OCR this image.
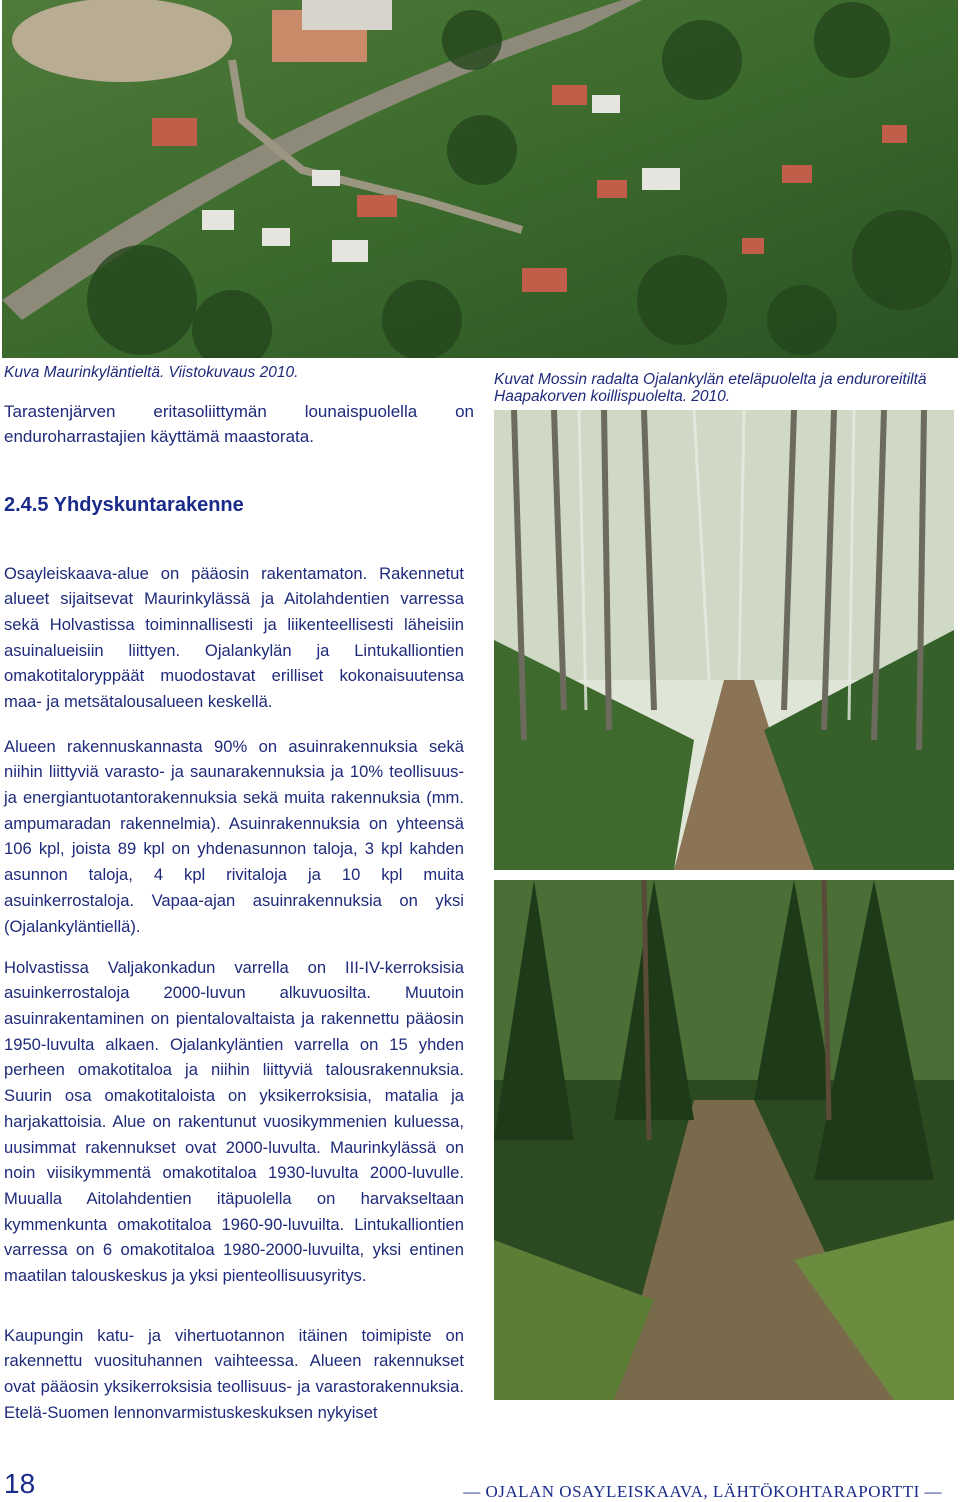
Kuva Maurinkyläntieltä. Viistokuvaus 2010.	Kuvat Mossin radalta Ojalankylän eteläpuolelta ja enduroreitiltä Haapakorven koillispuolelta. 2010.
Tarastenjärven eritasoliittymän lounaispuolella on enduroharrastajien käyttämä maastorata.
2.4.5 Yhdyskuntarakenne

Osayleiskaava-alue on pääosin rakentamaton. Rakennetut alueet sijaitsevat Maurinkylässä ja Aitolahdentien varressa sekä Holvastissa toiminnallisesti ja liikenteellisesti läheisiin asuinalueisiin liittyen. Ojalankylän ja Lintukalliontien omakotitaloryppäät muodostavat erilliset kokonaisuutensa maa- ja metsätalousalueen keskellä.

Alueen rakennuskannasta 90% on asuinrakennuksia sekä niihin liittyviä varasto- ja saunarakennuksia ja 10% teollisuus- ja energiantuotantorakennuksia sekä muita rakennuksia (mm. ampumaradan rakennelmia). Asuinrakennuksia on yhteensä 106 kpl, joista 89 kpl on yhdenasunnon taloja, 3 kpl kahden asunnon taloja, 4 kpl rivitaloja ja 10 kpl muita asuinkerrostaloja. Vapaa-ajan asuinrakennuksia on yksi (Ojalankyläntiellä).

Holvastissa Valjakonkadun varrella on III-IV-kerroksisia asuinkerrostaloja 2000-luvun alkuvuosilta. Muutoin asuinrakentaminen on pientalovaltaista ja rakennettu pääosin 1950-luvulta alkaen. Ojalankyläntien varrella on 15 yhden perheen omakotitaloa ja niihin liittyviä talousrakennuksia. Suurin osa omakotitaloista on yksikerroksisia, matalia ja harjakattoisia. Alue on rakentunut vuosikymmenien kuluessa, uusimmat rakennukset ovat 2000-luvulta. Maurinkylässä on noin viisikymmentä omakotitaloa 1930-luvulta 2000-luvulle. Muualla Aitolahdentien itäpuolella on harvakseltaan kymmenkunta omakotitaloa 1960-90-luvuilta. Lintukalliontien varressa on 6 omakotitaloa 1980-2000-luvuilta, yksi entinen maatilan talouskeskus ja yksi pienteollisuusyritys.

Kaupungin katu- ja vihertuotannon itäinen toimipiste on rakennettu vuosituhannen vaihteessa. Alueen rakennukset ovat pääosin yksikerroksisia teollisuus- ja varastorakennuksia. Etelä-Suomen lennonvarmistuskeskuksen nykyiset

18
—	OJALAN OSAYLEISKAAVA, LÄHTÖKOHTARAPORTTI —
